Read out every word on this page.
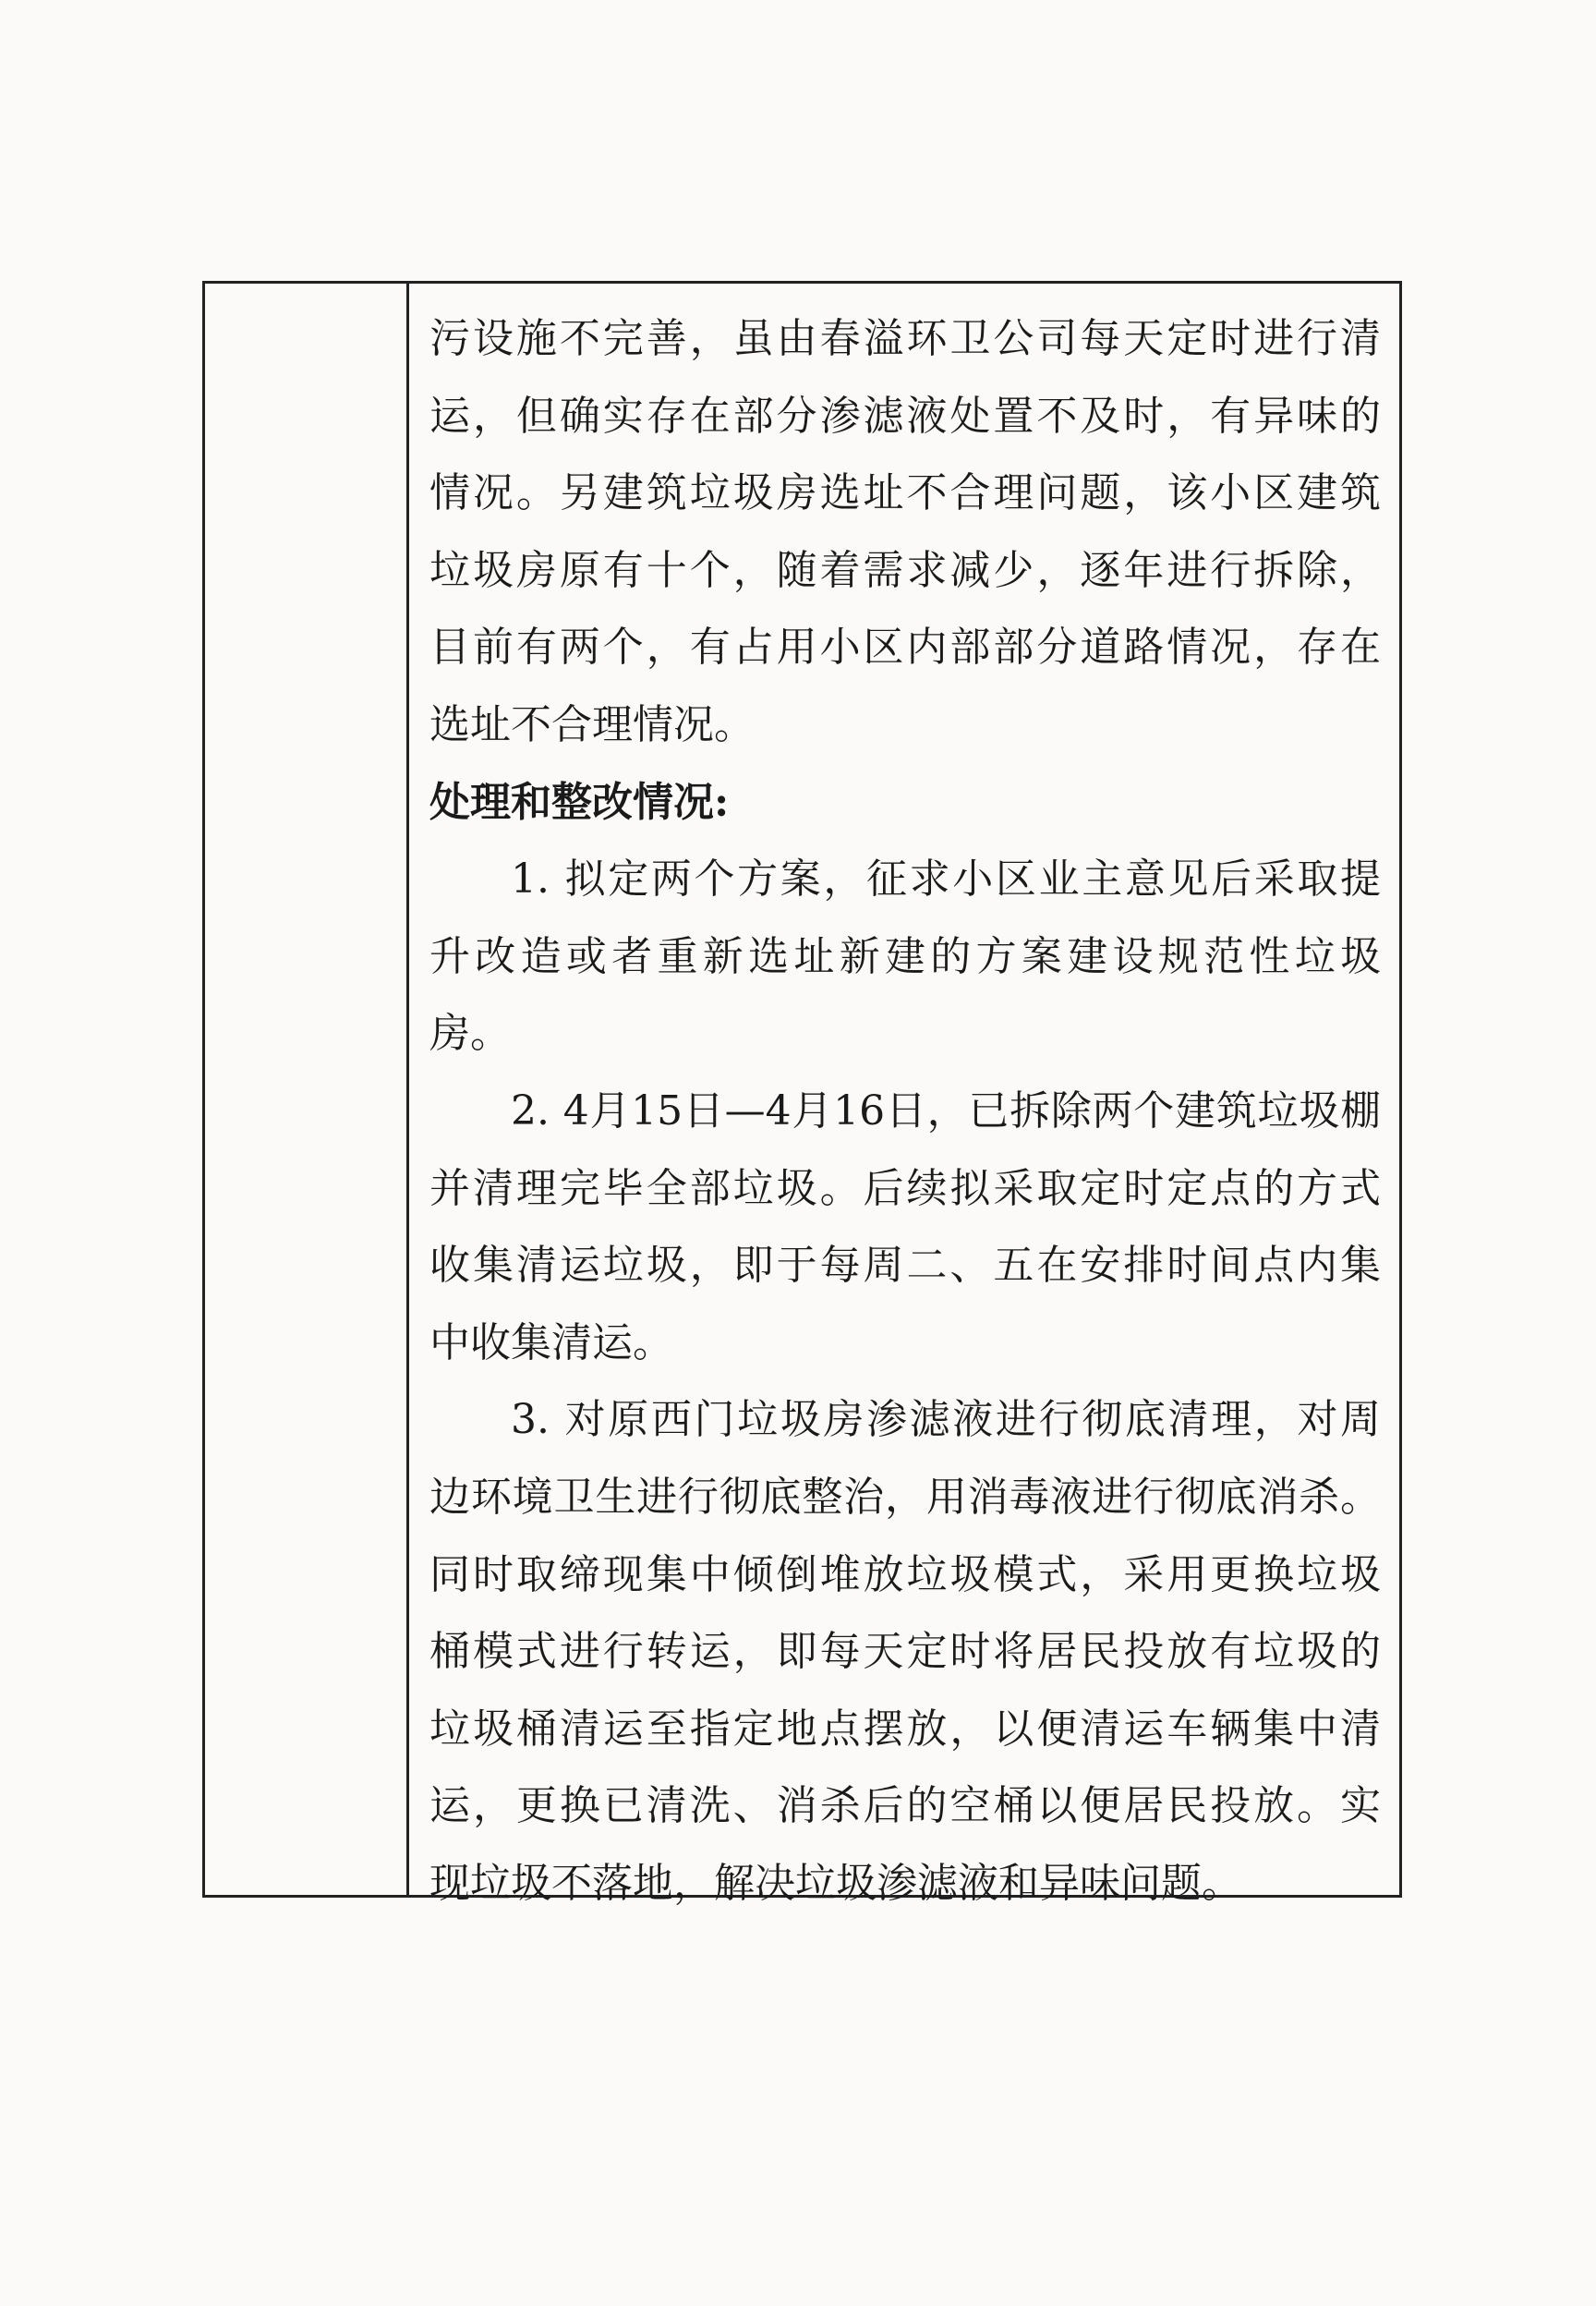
污设施不完善，虽由春溢环卫公司每天定时进行清
运，但确实存在部分渗滤液处置不及时，有异味的
情况。另建筑垃圾房选址不合理问题，该小区建筑
垃圾房原有十个，随着需求减少，逐年进行拆除，
目前有两个，有占用小区内部部分道路情况，存在
选址不合理情况。
处理和整改情况:
1. 拟定两个方案，征求小区业主意见后采取提
升改造或者重新选址新建的方案建设规范性垃圾
房。
2. 4月15日—4月16日，已拆除两个建筑垃圾棚
并清理完毕全部垃圾。后续拟采取定时定点的方式
收集清运垃圾，即于每周二、五在安排时间点内集
中收集清运。
3. 对原西门垃圾房渗滤液进行彻底清理，对周
边环境卫生进行彻底整治，用消毒液进行彻底消杀。
同时取缔现集中倾倒堆放垃圾模式，采用更换垃圾
桶模式进行转运，即每天定时将居民投放有垃圾的
垃圾桶清运至指定地点摆放，以便清运车辆集中清
运，更换已清洗、消杀后的空桶以便居民投放。实
现垃圾不落地，解决垃圾渗滤液和异味问题。
